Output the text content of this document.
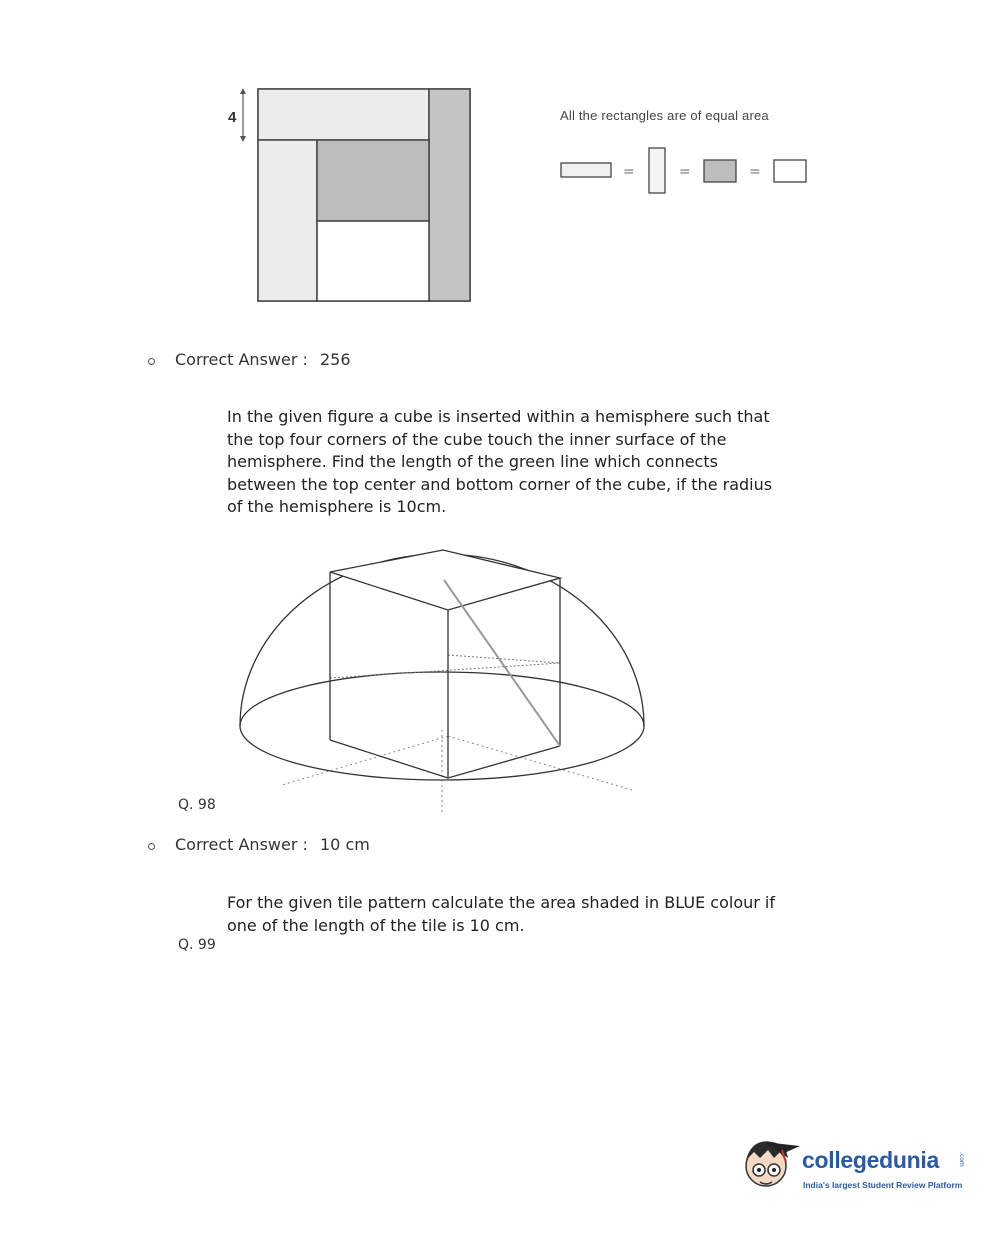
4	All the rectangles are of equal area
=	=	=
Correct Answer : 256
In the given figure a cube is inserted within a hemisphere such that
the top four corners of the cube touch the inner surface of the
hemisphere. Find the length of the green line which connects
between the top center and bottom corner of the cube, if the radius
of the hemisphere is 10cm.
Q. 98
Correct Answer : 10 cm
For the given tile pattern calculate the area shaded in BLUE colour if
one of the length of the tile is 10 cm.
Q. 99
collegedunia	.com
India's largest Student Review Platform
